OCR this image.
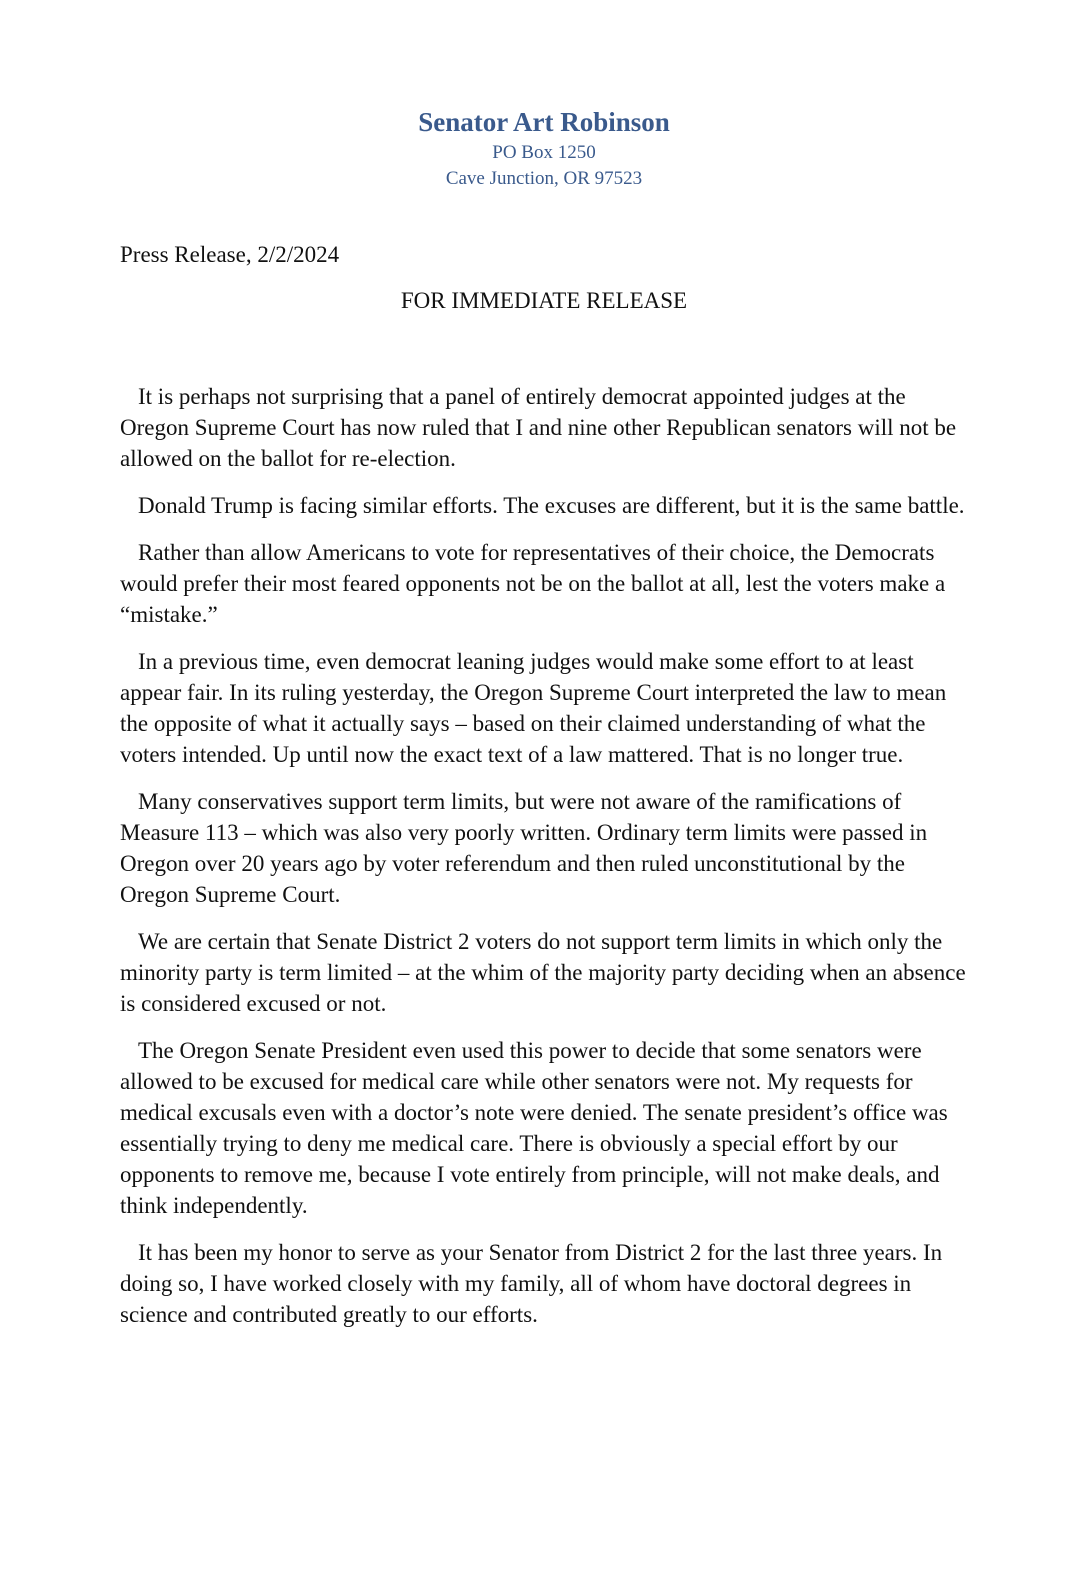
Senator Art Robinson

PO Box 1250

Cave Junction, OR 97523

Press Release, 2/2/2024

FOR IMMEDIATE RELEASE

It is perhaps not surprising that a panel of entirely democrat appointed judges at the Oregon Supreme Court has now ruled that I and nine other Republican senators will not be allowed on the ballot for re-election.

Donald Trump is facing similar efforts. The excuses are different, but it is the same battle.

Rather than allow Americans to vote for representatives of their choice, the Democrats would prefer their most feared opponents not be on the ballot at all, lest the voters make a “mistake.”

In a previous time, even democrat leaning judges would make some effort to at least appear fair. In its ruling yesterday, the Oregon Supreme Court interpreted the law to mean the opposite of what it actually says – based on their claimed understanding of what the voters intended. Up until now the exact text of a law mattered. That is no longer true.

Many conservatives support term limits, but were not aware of the ramifications of Measure 113 – which was also very poorly written. Ordinary term limits were passed in Oregon over 20 years ago by voter referendum and then ruled unconstitutional by the Oregon Supreme Court.

We are certain that Senate District 2 voters do not support term limits in which only the minority party is term limited – at the whim of the majority party deciding when an absence is considered excused or not.

The Oregon Senate President even used this power to decide that some senators were allowed to be excused for medical care while other senators were not. My requests for medical excusals even with a doctor’s note were denied. The senate president’s office was essentially trying to deny me medical care. There is obviously a special effort by our opponents to remove me, because I vote entirely from principle, will not make deals, and think independently.

It has been my honor to serve as your Senator from District 2 for the last three years. In doing so, I have worked closely with my family, all of whom have doctoral degrees in science and contributed greatly to our efforts.
